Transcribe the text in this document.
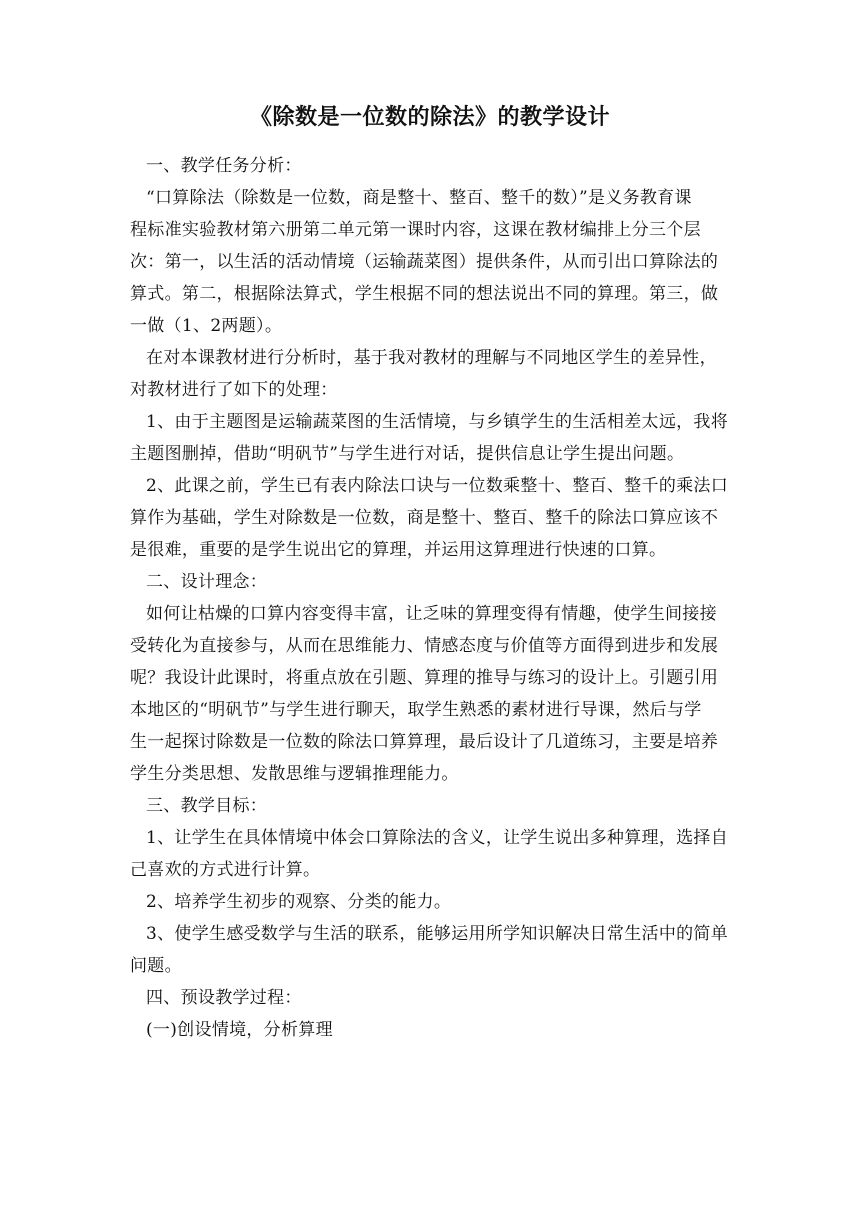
《除数是一位数的除法》的教学设计

一、教学任务分析：

“口算除法（除数是一位数，商是整十、整百、整千的数）”是义务教育课

程标准实验教材第六册第二单元第一课时内容，这课在教材编排上分三个层

次：第一，以生活的活动情境（运输蔬菜图）提供条件，从而引出口算除法的

算式。第二，根据除法算式，学生根据不同的想法说出不同的算理。第三，做

一做（1、2两题）。

在对本课教材进行分析时，基于我对教材的理解与不同地区学生的差异性，

对教材进行了如下的处理：

1、由于主题图是运输蔬菜图的生活情境，与乡镇学生的生活相差太远，我将

主题图删掉，借助“明矾节”与学生进行对话，提供信息让学生提出问题。

2、此课之前，学生已有表内除法口诀与一位数乘整十、整百、整千的乘法口

算作为基础，学生对除数是一位数，商是整十、整百、整千的除法口算应该不

是很难，重要的是学生说出它的算理，并运用这算理进行快速的口算。

二、设计理念：

如何让枯燥的口算内容变得丰富，让乏味的算理变得有情趣，使学生间接接

受转化为直接参与，从而在思维能力、情感态度与价值等方面得到进步和发展

呢？我设计此课时，将重点放在引题、算理的推导与练习的设计上。引题引用

本地区的“明矾节”与学生进行聊天，取学生熟悉的素材进行导课，然后与学

生一起探讨除数是一位数的除法口算算理，最后设计了几道练习，主要是培养

学生分类思想、发散思维与逻辑推理能力。

三、教学目标：

1、让学生在具体情境中体会口算除法的含义，让学生说出多种算理，选择自

己喜欢的方式进行计算。

2、培养学生初步的观察、分类的能力。

3、使学生感受数学与生活的联系，能够运用所学知识解决日常生活中的简单

问题。

四、预设教学过程：

(一)创设情境，分析算理
